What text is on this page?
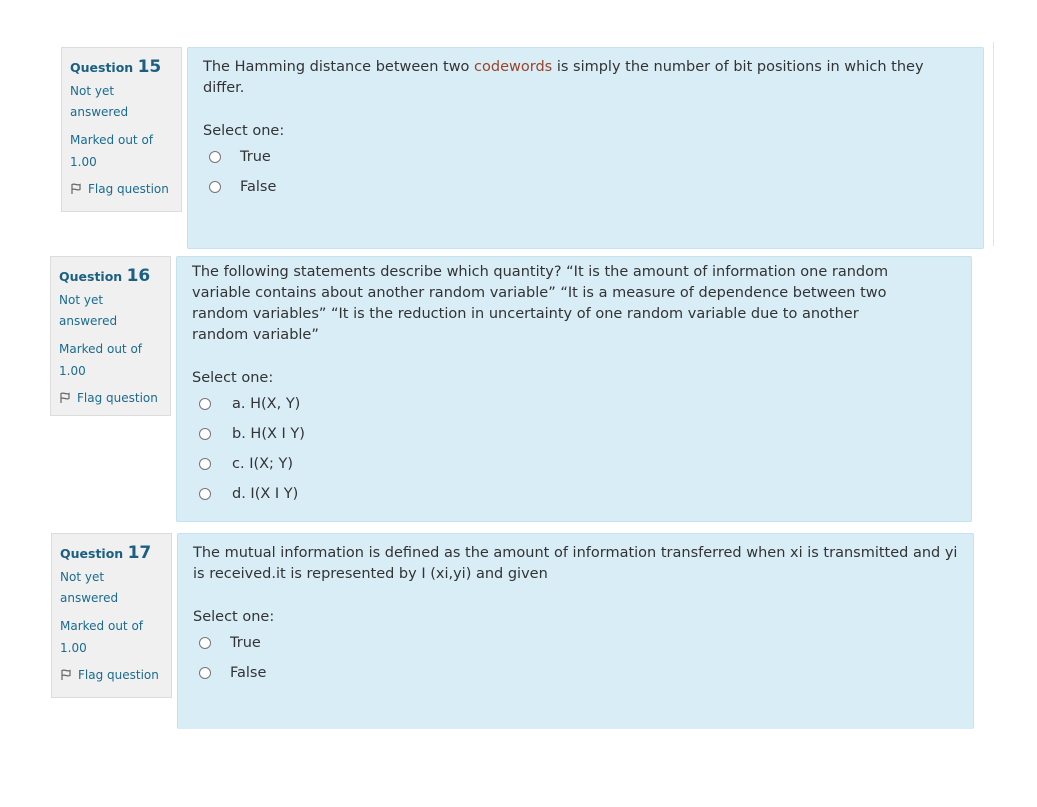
Question 15
Not yet
answered
Marked out of
1.00
Flag question
The Hamming distance between two codewords is simply the number of bit positions in which they differ.
Select one:
True
False
Question 16
Not yet
answered
Marked out of
1.00
Flag question
The following statements describe which quantity? “It is the amount of information one random variable contains about another random variable” “It is a measure of dependence between two random variables” “It is the reduction in uncertainty of one random variable due to another random variable”
Select one:
a. H(X, Y)
b. H(X I Y)
c. I(X; Y)
d. I(X I Y)
Question 17
Not yet
answered
Marked out of
1.00
Flag question
The mutual information is defined as the amount of information transferred when xi is transmitted and yi is received.it is represented by I (xi,yi) and given
Select one:
True
False
